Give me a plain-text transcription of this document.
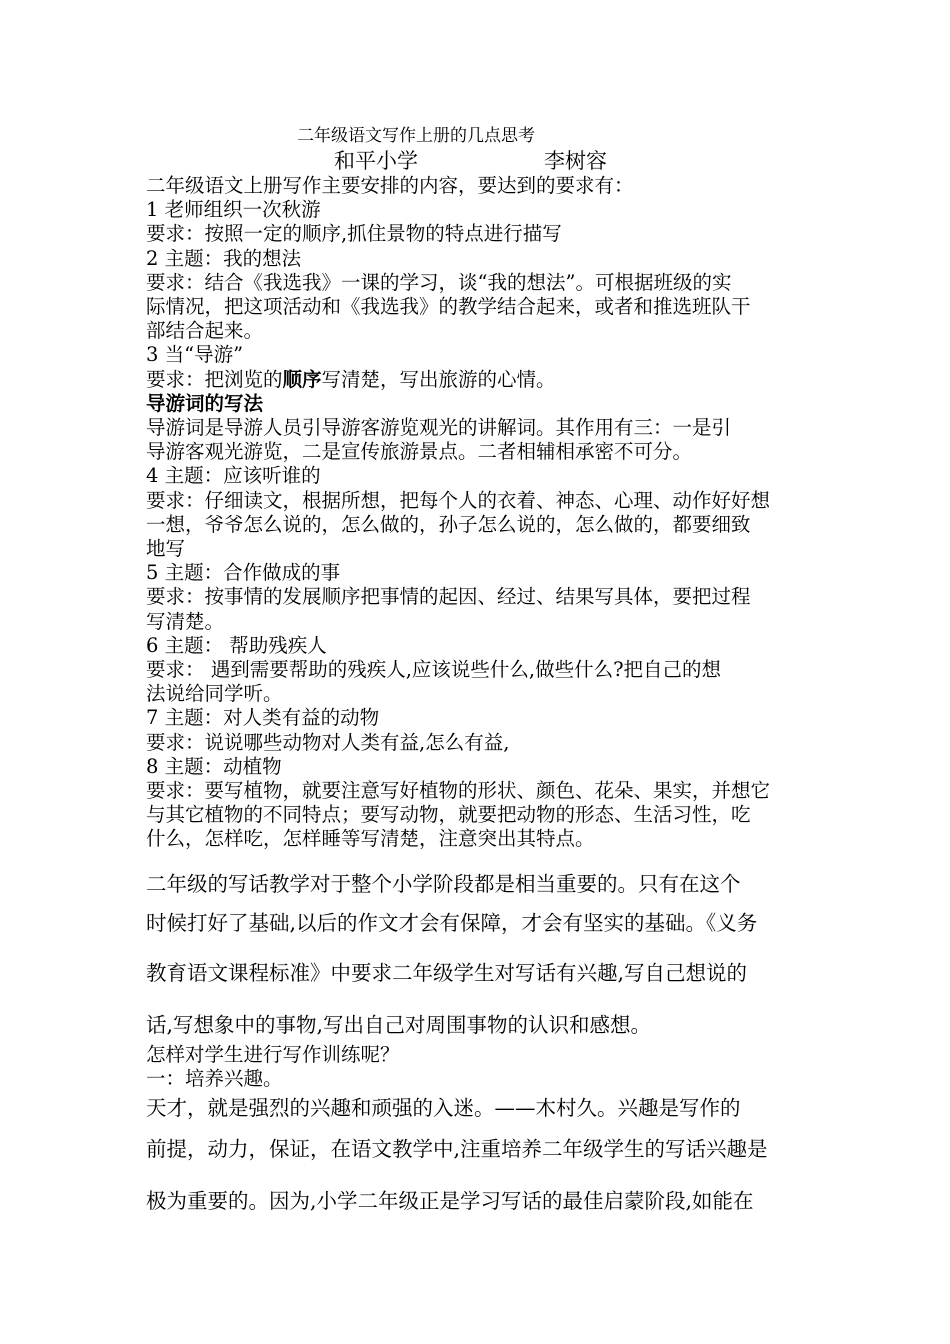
二年级语文写作上册的几点思考
和平小学	李树容

二年级语文上册写作主要安排的内容，要达到的要求有：

1 老师组织一次秋游

要求：按照一定的顺序,抓住景物的特点进行描写

2 主题：我的想法

要求：结合《我选我》一课的学习，谈“我的想法”。可根据班级的实

际情况，把这项活动和《我选我》的教学结合起来，或者和推选班队干

部结合起来。

3 当“导游”

要求：把浏览的顺序写清楚，写出旅游的心情。

导游词的写法

导游词是导游人员引导游客游览观光的讲解词。其作用有三：一是引

导游客观光游览，二是宣传旅游景点。二者相辅相承密不可分。

4 主题：应该听谁的

要求：仔细读文，根据所想，把每个人的衣着、神态、心理、动作好好想

一想，爷爷怎么说的，怎么做的，孙子怎么说的，怎么做的，都要细致

地写

5 主题：合作做成的事

要求：按事情的发展顺序把事情的起因、经过、结果写具体，要把过程

写清楚。

6 主题： 帮助残疾人

要求： 遇到需要帮助的残疾人,应该说些什么,做些什么?把自己的想

法说给同学听。

7 主题：对人类有益的动物

要求：说说哪些动物对人类有益,怎么有益,

8 主题：动植物

要求：要写植物，就要注意写好植物的形状、颜色、花朵、果实，并想它

与其它植物的不同特点；要写动物，就要把动物的形态、生活习性，吃

什么，怎样吃，怎样睡等写清楚，注意突出其特点。

二年级的写话教学对于整个小学阶段都是相当重要的。只有在这个

时候打好了基础,以后的作文才会有保障，才会有坚实的基础。《义务

教育语文课程标准》中要求二年级学生对写话有兴趣,写自己想说的

话,写想象中的事物,写出自己对周围事物的认识和感想。

怎样对学生进行写作训练呢？

一：培养兴趣。

天才，就是强烈的兴趣和顽强的入迷。——木村久。兴趣是写作的

前提，动力，保证，在语文教学中,注重培养二年级学生的写话兴趣是

极为重要的。因为,小学二年级正是学习写话的最佳启蒙阶段,如能在
